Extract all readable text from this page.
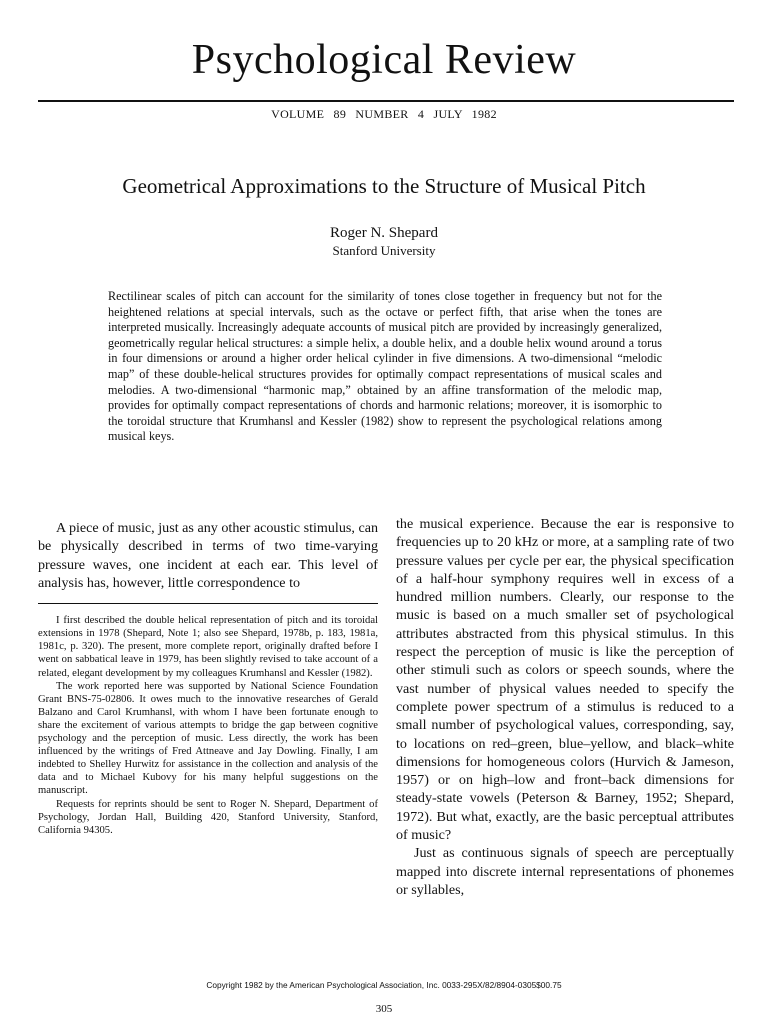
Psychological Review
VOLUME 89 NUMBER 4 JULY 1982
Geometrical Approximations to the Structure of Musical Pitch
Roger N. Shepard
Stanford University

Rectilinear scales of pitch can account for the similarity of tones close together in frequency but not for the heightened relations at special intervals, such as the octave or perfect fifth, that arise when the tones are interpreted musically. Increasingly adequate accounts of musical pitch are provided by increasingly generalized, geometrically regular helical structures: a simple helix, a double helix, and a double helix wound around a torus in four dimensions or around a higher order helical cylinder in five dimensions. A two-dimensional “melodic map” of these double-helical structures provides for optimally compact representations of musical scales and melodies. A two-dimensional “harmonic map,” obtained by an affine transformation of the melodic map, provides for optimally compact representations of chords and harmonic relations; moreover, it is isomorphic to the toroidal structure that Krumhansl and Kessler (1982) show to represent the psychological relations among musical keys.

A piece of music, just as any other acoustic stimulus, can be physically described in terms of two time-varying pressure waves, one incident at each ear. This level of analysis has, however, little correspondence to

I first described the double helical representation of pitch and its toroidal extensions in 1978 (Shepard, Note 1; also see Shepard, 1978b, p. 183, 1981a, 1981c, p. 320). The present, more complete report, originally drafted before I went on sabbatical leave in 1979, has been slightly revised to take account of a related, elegant development by my colleagues Krumhansl and Kessler (1982).

The work reported here was supported by National Science Foundation Grant BNS-75-02806. It owes much to the innovative researches of Gerald Balzano and Carol Krumhansl, with whom I have been fortunate enough to share the excitement of various attempts to bridge the gap between cognitive psychology and the perception of music. Less directly, the work has been influenced by the writings of Fred Attneave and Jay Dowling. Finally, I am indebted to Shelley Hurwitz for assistance in the collection and analysis of the data and to Michael Kubovy for his many helpful suggestions on the manuscript.

Requests for reprints should be sent to Roger N. Shepard, Department of Psychology, Jordan Hall, Building 420, Stanford University, Stanford, California 94305.

the musical experience. Because the ear is responsive to frequencies up to 20 kHz or more, at a sampling rate of two pressure values per cycle per ear, the physical specification of a half-hour symphony requires well in excess of a hundred million numbers. Clearly, our response to the music is based on a much smaller set of psychological attributes abstracted from this physical stimulus. In this respect the perception of music is like the perception of other stimuli such as colors or speech sounds, where the vast number of physical values needed to specify the complete power spectrum of a stimulus is reduced to a small number of psychological values, corresponding, say, to locations on red–green, blue–yellow, and black–white dimensions for homogeneous colors (Hurvich & Jameson, 1957) or on high–low and front–back dimensions for steady-state vowels (Peterson & Barney, 1952; Shepard, 1972). But what, exactly, are the basic perceptual attributes of music?

Just as continuous signals of speech are perceptually mapped into discrete internal representations of phonemes or syllables,

Copyright 1982 by the American Psychological Association, Inc. 0033-295X/82/8904-0305$00.75
305
